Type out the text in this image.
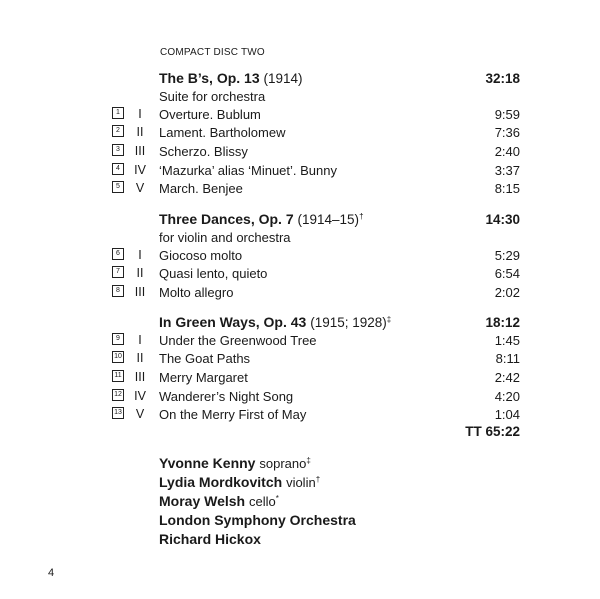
COMPACT DISC TWO
The B’s, Op. 13 (1914)	32:18
Suite for orchestra
1	I	Overture. Bublum	9:59
2	II	Lament. Bartholomew	7:36
3	III	Scherzo. Blissy	2:40
4	IV	‘Mazurka’ alias ‘Minuet’. Bunny	3:37
5	V	March. Benjee	8:15
Three Dances, Op. 7 (1914–15)†	14:30
for violin and orchestra
6	I	Giocoso molto	5:29
7	II	Quasi lento, quieto	6:54
8	III	Molto allegro	2:02
In Green Ways, Op. 43 (1915; 1928)‡	18:12
9	I	Under the Greenwood Tree	1:45
10	II	The Goat Paths	8:11
11	III	Merry Margaret	2:42
12 IV	Wanderer’s Night Song	4:20
13	V	On the Merry First of May	1:04
TT 65:22
Yvonne Kenny soprano‡
Lydia Mordkovitch violin†
Moray Welsh cello*
London Symphony Orchestra
Richard Hickox
4
